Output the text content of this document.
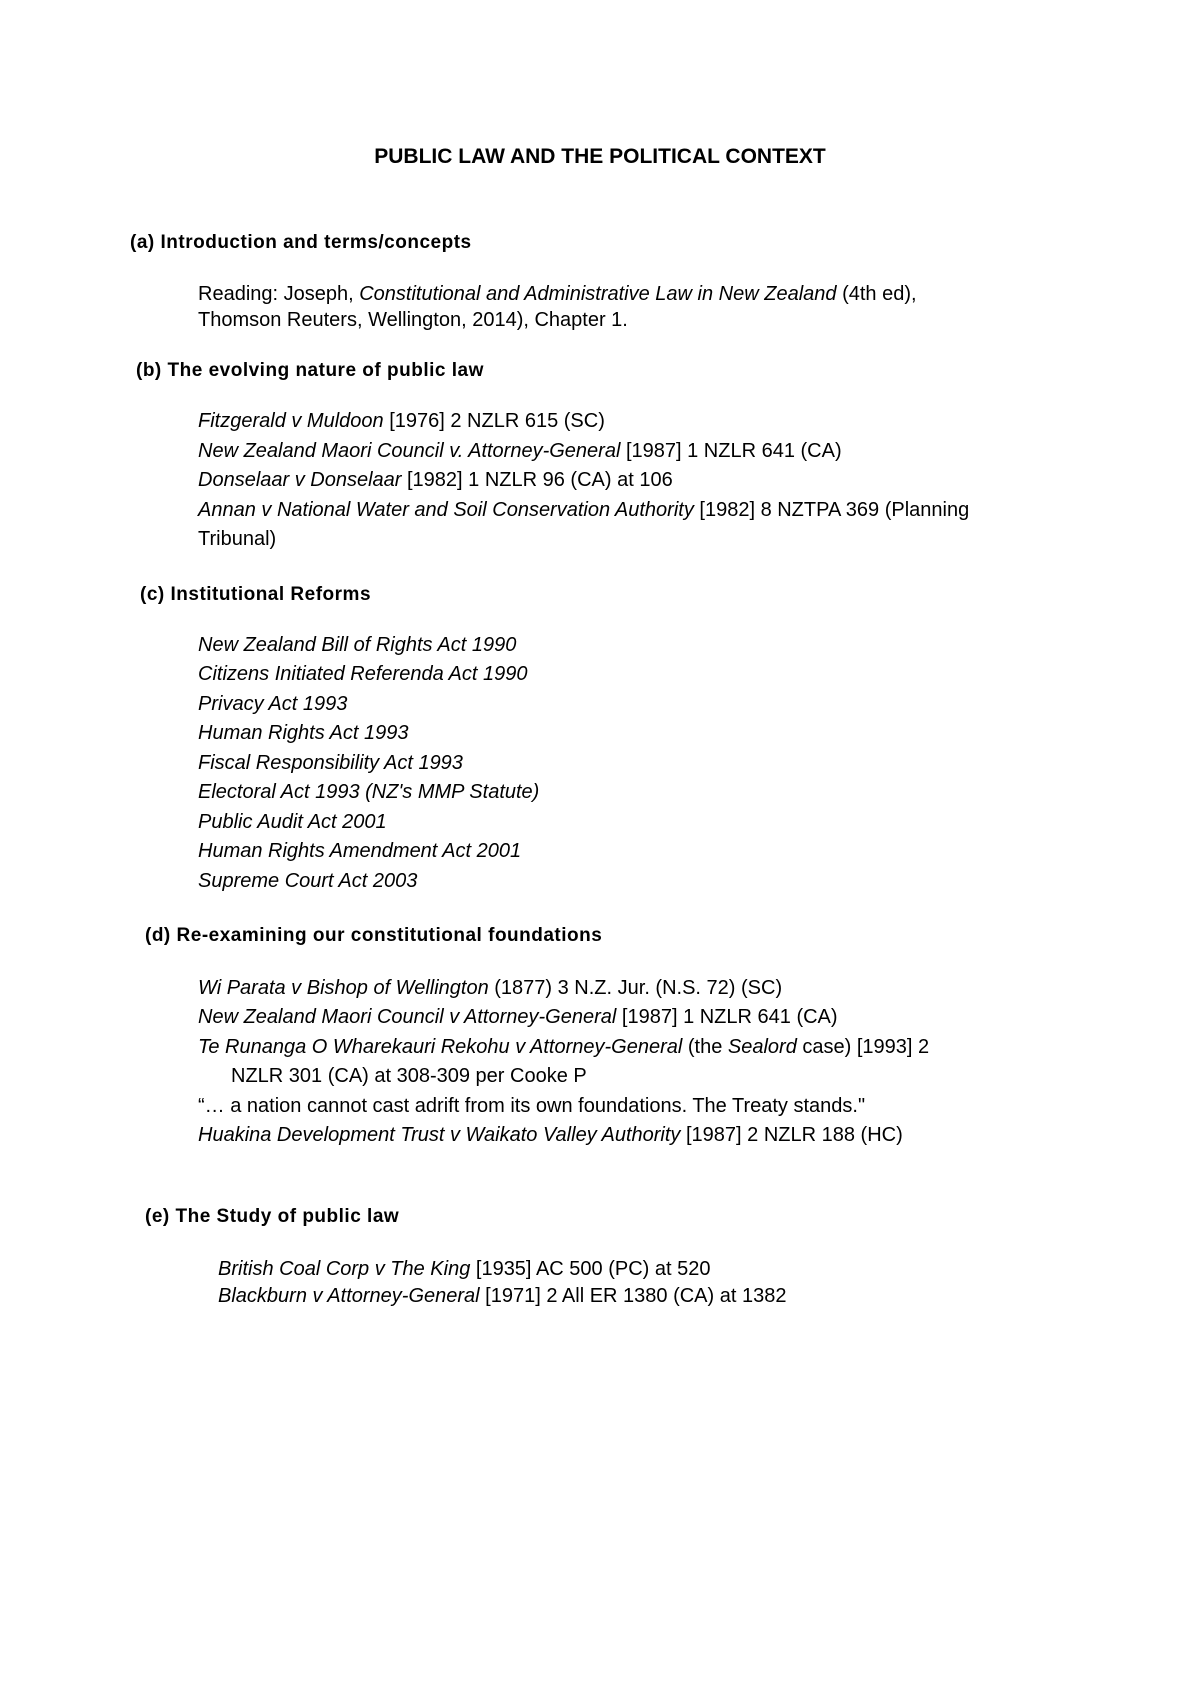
PUBLIC LAW AND THE POLITICAL CONTEXT
(a) Introduction and terms/concepts
Reading: Joseph, Constitutional and Administrative Law in New Zealand (4th ed),
Thomson Reuters, Wellington, 2014), Chapter 1.
(b) The evolving nature of public law
Fitzgerald v Muldoon [1976] 2 NZLR 615 (SC)
New Zealand Maori Council v. Attorney-General [1987] 1 NZLR 641 (CA)
Donselaar v Donselaar [1982] 1 NZLR 96 (CA) at 106
Annan v National Water and Soil Conservation Authority [1982] 8 NZTPA 369 (Planning
Tribunal)
(c) Institutional Reforms
New Zealand Bill of Rights Act 1990
Citizens Initiated Referenda Act 1990
Privacy Act 1993
Human Rights Act 1993
Fiscal Responsibility Act 1993
Electoral Act 1993 (NZ's MMP Statute)
Public Audit Act 2001
Human Rights Amendment Act 2001
Supreme Court Act 2003
(d) Re-examining our constitutional foundations
Wi Parata v Bishop of Wellington (1877) 3 N.Z. Jur. (N.S. 72) (SC)
New Zealand Maori Council v Attorney-General [1987] 1 NZLR 641 (CA)
Te Runanga O Wharekauri Rekohu v Attorney-General (the Sealord case) [1993] 2
NZLR 301 (CA) at 308-309 per Cooke P
“… a nation cannot cast adrift from its own foundations. The Treaty stands."
Huakina Development Trust v Waikato Valley Authority [1987] 2 NZLR 188 (HC)
(e) The Study of public law
British Coal Corp v The King [1935] AC 500 (PC) at 520
Blackburn v Attorney-General [1971] 2 All ER 1380 (CA) at 1382
